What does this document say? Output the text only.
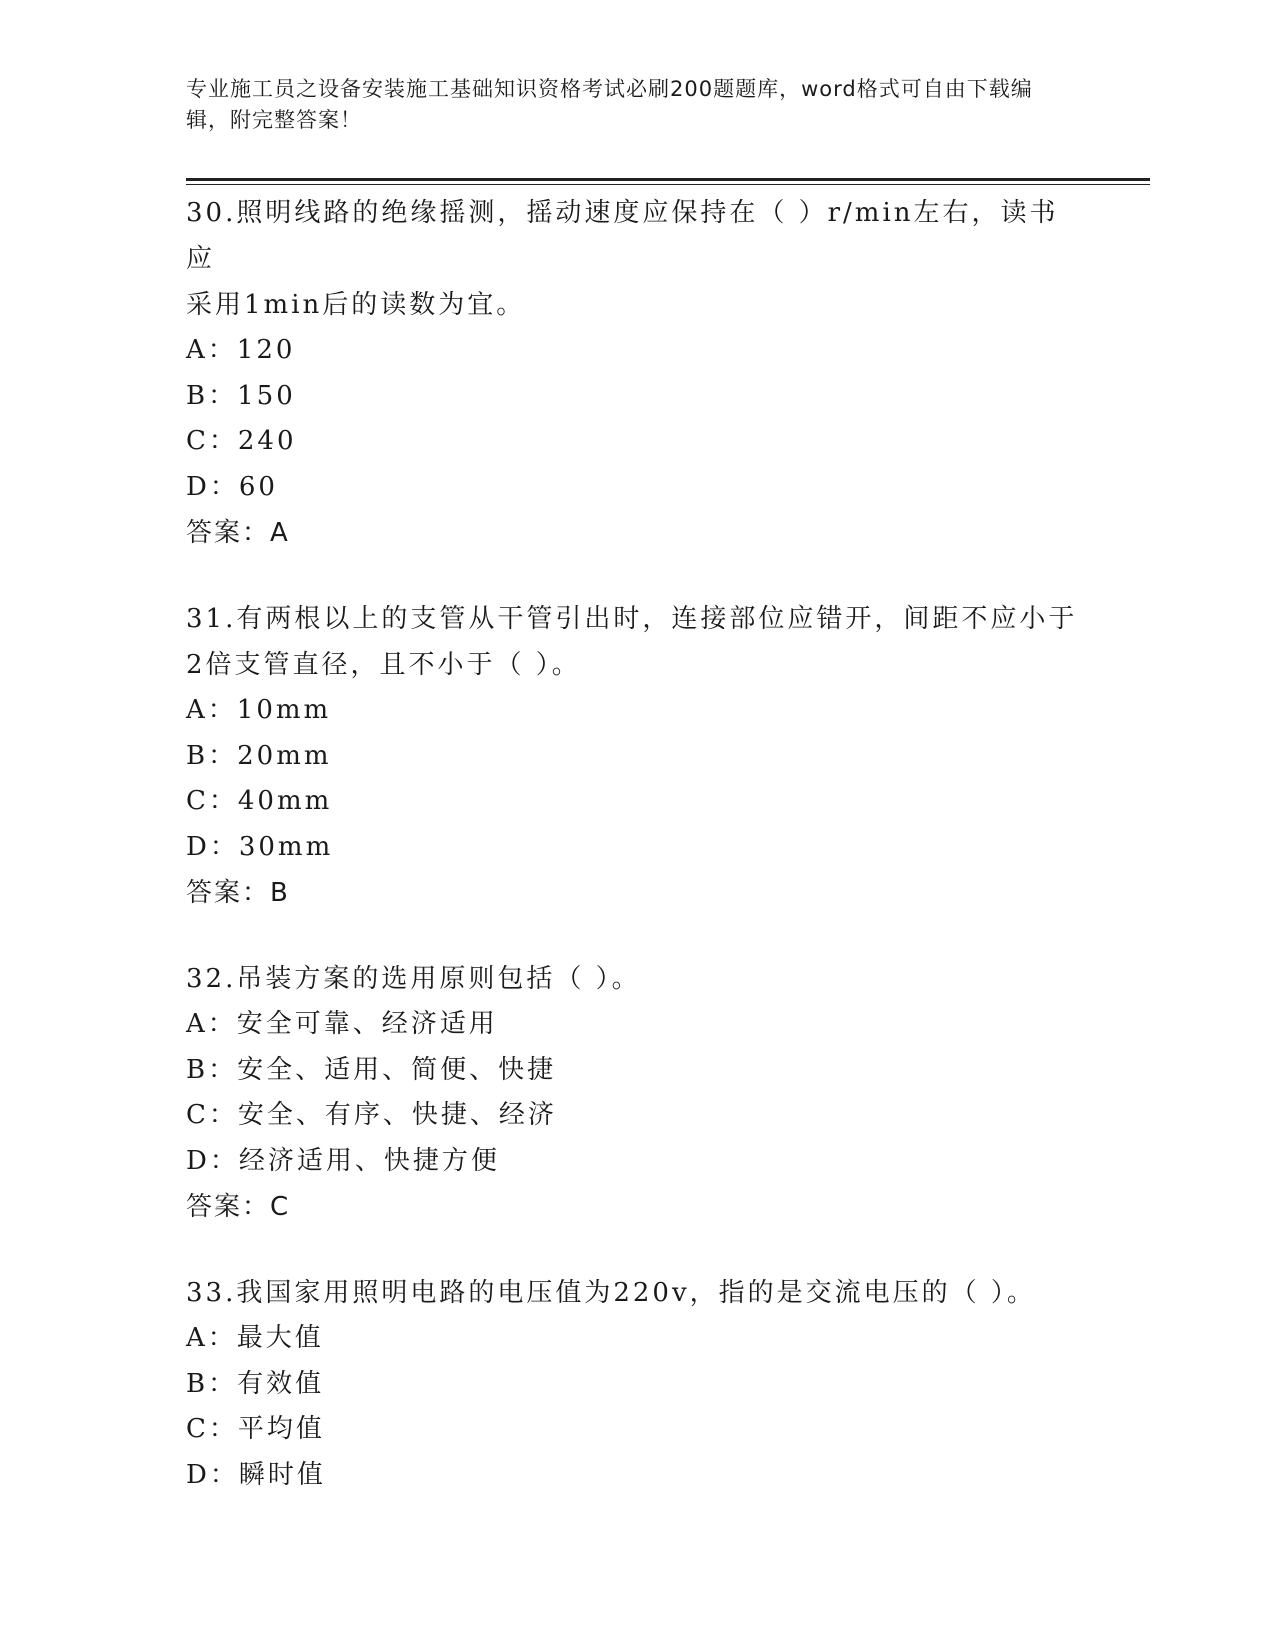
专业施工员之设备安装施工基础知识资格考试必刷200题题库，word格式可自由下载编辑，附完整答案！

30.照明线路的绝缘摇测，摇动速度应保持在（ ）r/min左右，读书应

采用1min后的读数为宜。

A：120

B：150

C：240

D：60

答案：A

31.有两根以上的支管从干管引出时，连接部位应错开，间距不应小于

2倍支管直径，且不小于（ ）。

A：10mm

B：20mm

C：40mm

D：30mm

答案：B

32.吊装方案的选用原则包括（ ）。

A：安全可靠、经济适用

B：安全、适用、简便、快捷

C：安全、有序、快捷、经济

D：经济适用、快捷方便

答案：C

33.我国家用照明电路的电压值为220v，指的是交流电压的（ ）。

A：最大值

B：有效值

C：平均值

D：瞬时值
